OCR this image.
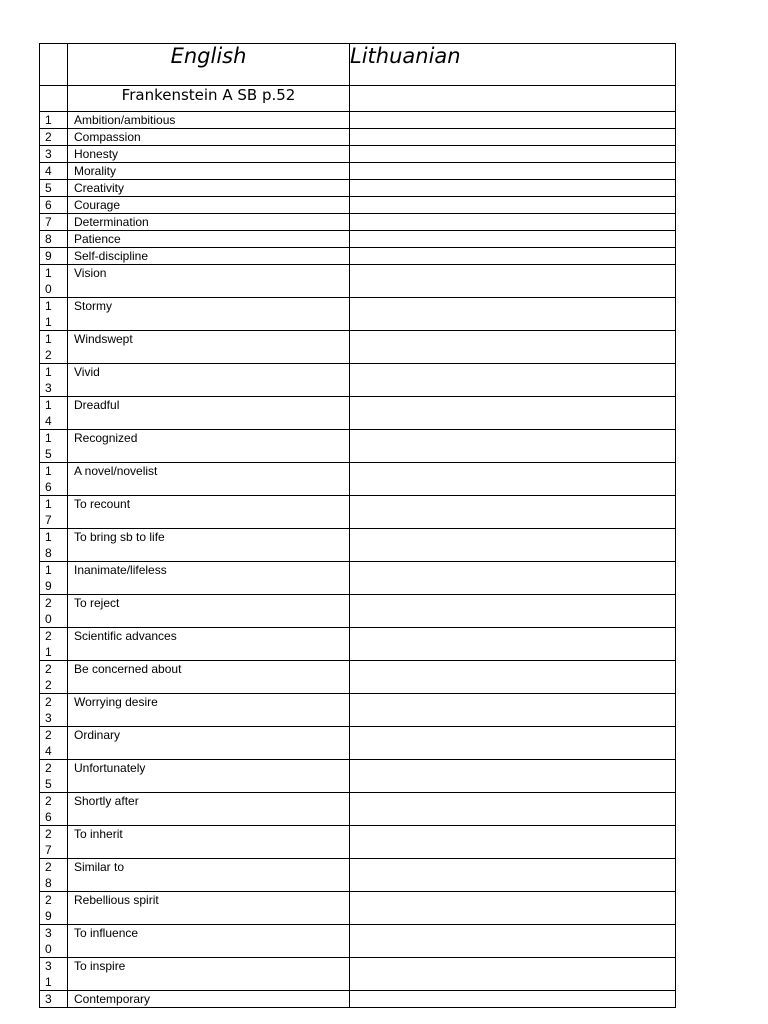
	English	Lithuanian
	Frankenstein A SB p.52	

1	Ambition/ambitious	

2	Compassion	

3	Honesty	

4	Morality	

5	Creativity	

6	Courage	

7	Determination	

8	Patience	

9	Self-discipline	

10	Vision	

11	Stormy	

12	Windswept	

13	Vivid	

14	Dreadful	

15	Recognized	

16	A novel/novelist	

17	To recount	

18	To bring sb to life	

19	Inanimate/lifeless	

20	To reject	

21	Scientific advances	

22	Be concerned about	

23	Worrying desire	

24	Ordinary	

25	Unfortunately	

26	Shortly after	

27	To inherit	

28	Similar to	

29	Rebellious spirit	

30	To influence	

31	To inspire	

3	Contemporary	
